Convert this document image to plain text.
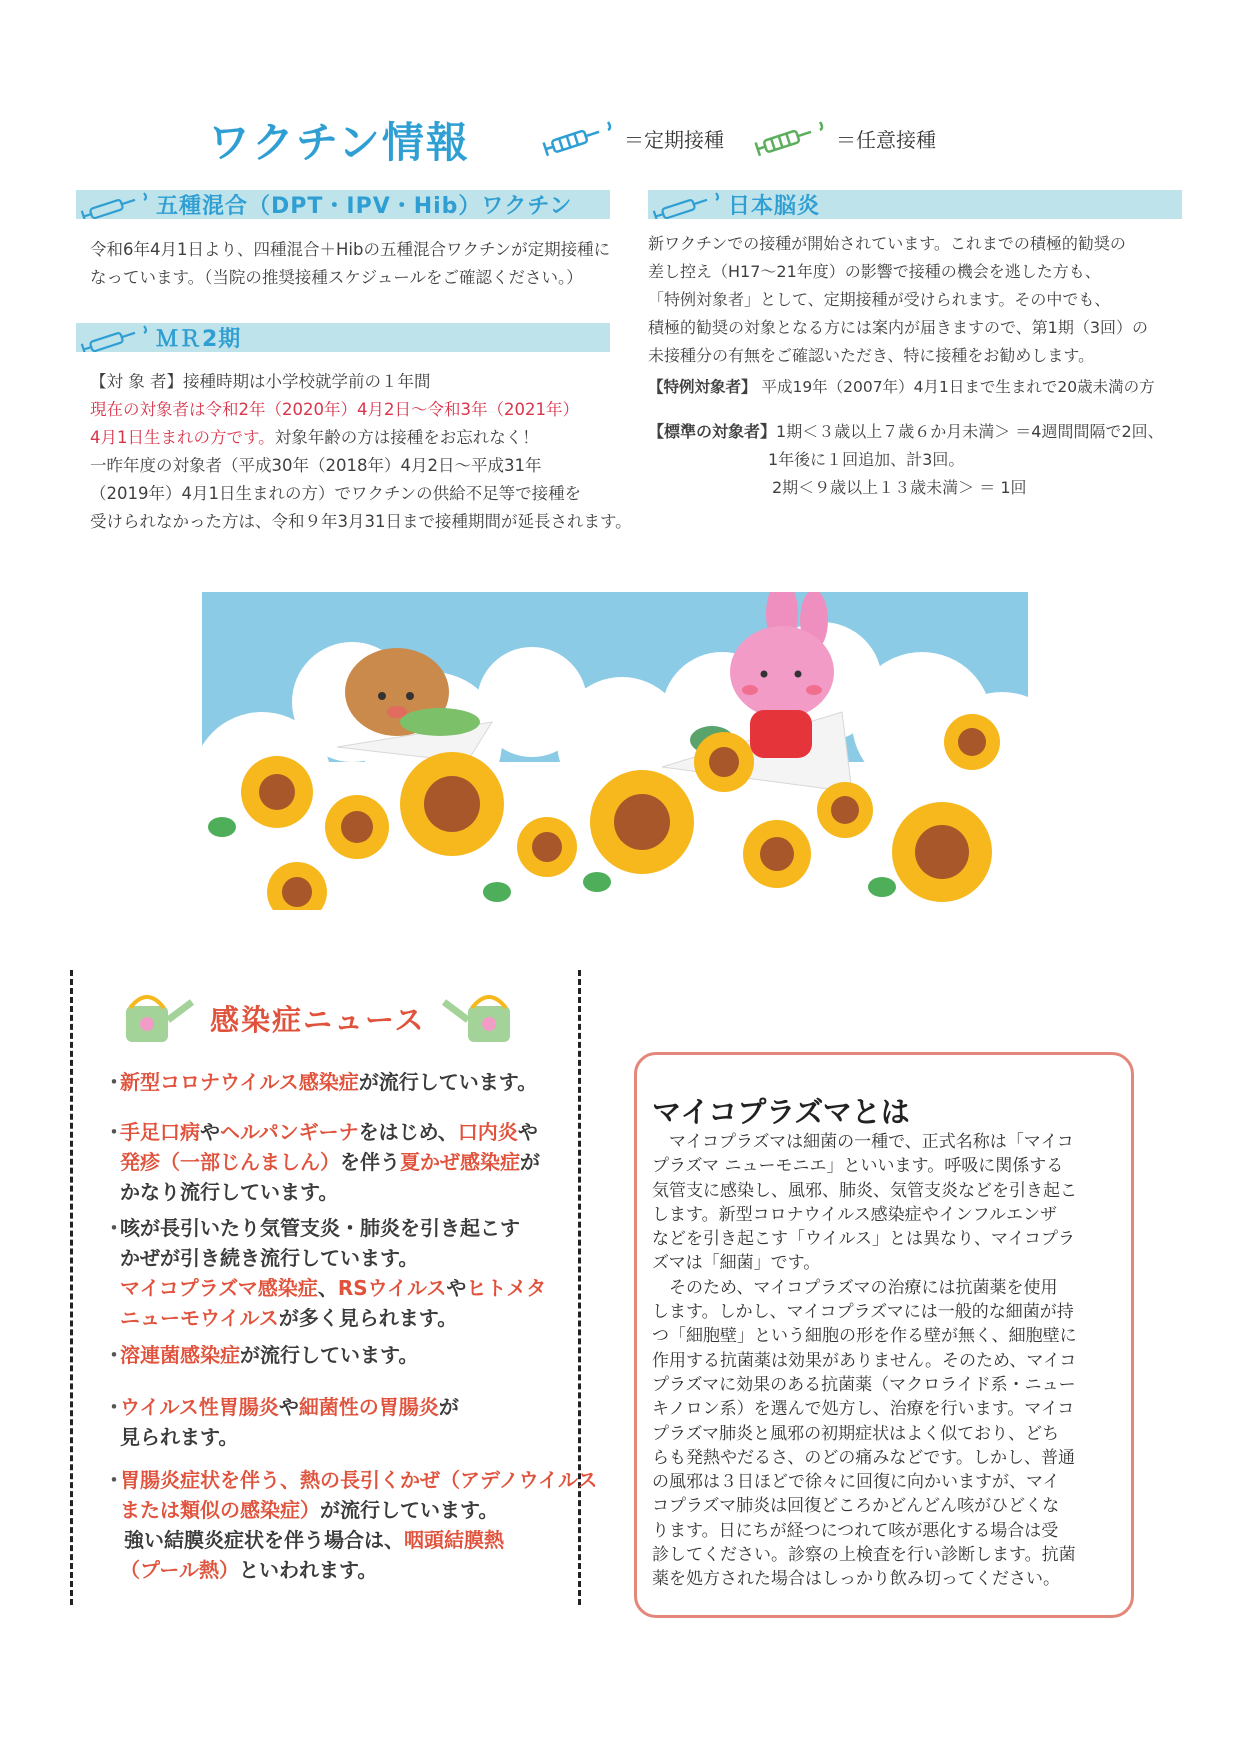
ワクチン情報	＝定期接種	＝任意接種
五種混合（DPT・IPV・Hib）ワクチン
令和6年4月1日より、四種混合＋Hibの五種混合ワクチンが定期接種に
なっています。（当院の推奨接種スケジュールをご確認ください。）
ＭＲ2期
【対 象 者】接種時期は小学校就学前の１年間
現在の対象者は令和2年（2020年）4月2日～令和3年（2021年）
4月1日生まれの方です。対象年齢の方は接種をお忘れなく！
一昨年度の対象者（平成30年（2018年）4月2日～平成31年
（2019年）4月1日生まれの方）でワクチンの供給不足等で接種を
受けられなかった方は、令和９年3月31日まで接種期間が延長されます。
日本脳炎
新ワクチンでの接種が開始されています。これまでの積極的勧奨の
差し控え（H17～21年度）の影響で接種の機会を逃した方も、
「特例対象者」として、定期接種が受けられます。その中でも、
積極的勧奨の対象となる方には案内が届きますので、第1期（3回）の
未接種分の有無をご確認いただき、特に接種をお勧めします。
【特例対象者】 平成19年（2007年）4月1日まで生まれで20歳未満の方
【標準の対象者】1期＜３歳以上７歳６か月未満＞ ＝4週間間隔で2回、
1年後に１回追加、計3回。
2期＜９歳以上１３歳未満＞ ＝ 1回
感染症ニュース
・新型コロナウイルス感染症が流行しています。
・手足口病やヘルパンギーナをはじめ、口内炎や
発疹（一部じんましん）を伴う夏かぜ感染症が
かなり流行しています。
・咳が長引いたり気管支炎・肺炎を引き起こす
かぜが引き続き流行しています。
マイコプラズマ感染症、RSウイルスやヒトメタ
ニューモウイルスが多く見られます。
・溶連菌感染症が流行しています。
・ウイルス性胃腸炎や細菌性の胃腸炎が
見られます。
・胃腸炎症状を伴う、熱の長引くかぜ（アデノウイルス
または類似の感染症）が流行しています。
強い結膜炎症状を伴う場合は、咽頭結膜熱
（プール熱）といわれます。
マイコプラズマとは

　マイコプラズマは細菌の一種で、正式名称は「マイコ

プラズマ ニューモニエ」といいます。呼吸に関係する

気管支に感染し、風邪、肺炎、気管支炎などを引き起こ

します。新型コロナウイルス感染症やインフルエンザ

などを引き起こす「ウイルス」とは異なり、マイコプラ

ズマは「細菌」です。

　そのため、マイコプラズマの治療には抗菌薬を使用

します。しかし、マイコプラズマには一般的な細菌が持

つ「細胞壁」という細胞の形を作る壁が無く、細胞壁に

作用する抗菌薬は効果がありません。そのため、マイコ

プラズマに効果のある抗菌薬（マクロライド系・ニュー

キノロン系）を選んで処方し、治療を行います。マイコ

プラズマ肺炎と風邪の初期症状はよく似ており、どち

らも発熱やだるさ、のどの痛みなどです。しかし、普通

の風邪は３日ほどで徐々に回復に向かいますが、マイ

コプラズマ肺炎は回復どころかどんどん咳がひどくな

ります。日にちが経つにつれて咳が悪化する場合は受

診してください。診察の上検査を行い診断します。抗菌

薬を処方された場合はしっかり飲み切ってください。
